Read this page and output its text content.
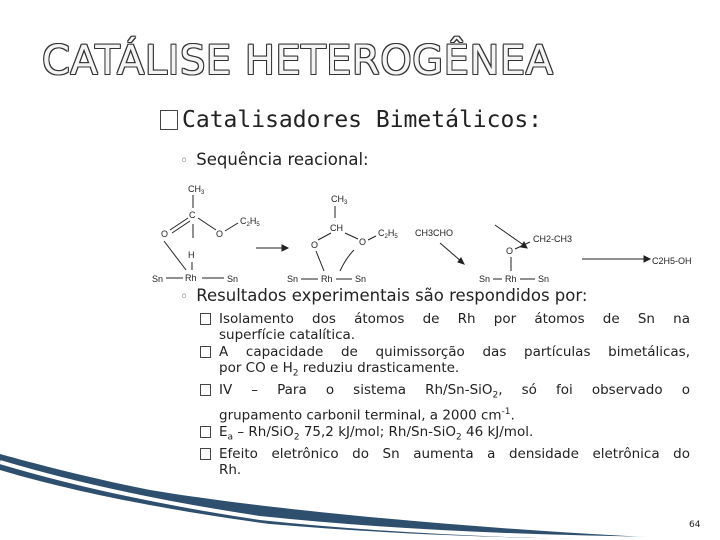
CATÁLISE HETEROGÊNEA
Catalisadores Bimetálicos:
◦ Sequência reacional:
$CH_3$
C
O	O
$C_2H_5$
H
Rh
Sn	Sn
$CH_3$
CH
O	O
$C_2H_5$
Rh
Sn	Sn
CH3CHO
O
CH2-CH3
Rh
Sn	Sn
C2H5-OH
◦ Resultados experimentais são respondidos por:
Isolamento dos átomos de Rh por átomos de Sn na
superfície catalítica.
A capacidade de quimissorção das partículas bimetálicas,
por CO e $H_2$ reduziu drasticamente.
IV – Para o sistema Rh/Sn-SiO$_2$, só foi observado o
grupamento carbonil terminal, a 2000 $cm^{-1}$.
$E_a - Rh/SiO_2$ 75,2 kJ/mol; Rh/Sn-SiO$_2$ 46 kJ/mol.
Efeito eletrônico do Sn aumenta a densidade eletrônica do
Rh.
64
